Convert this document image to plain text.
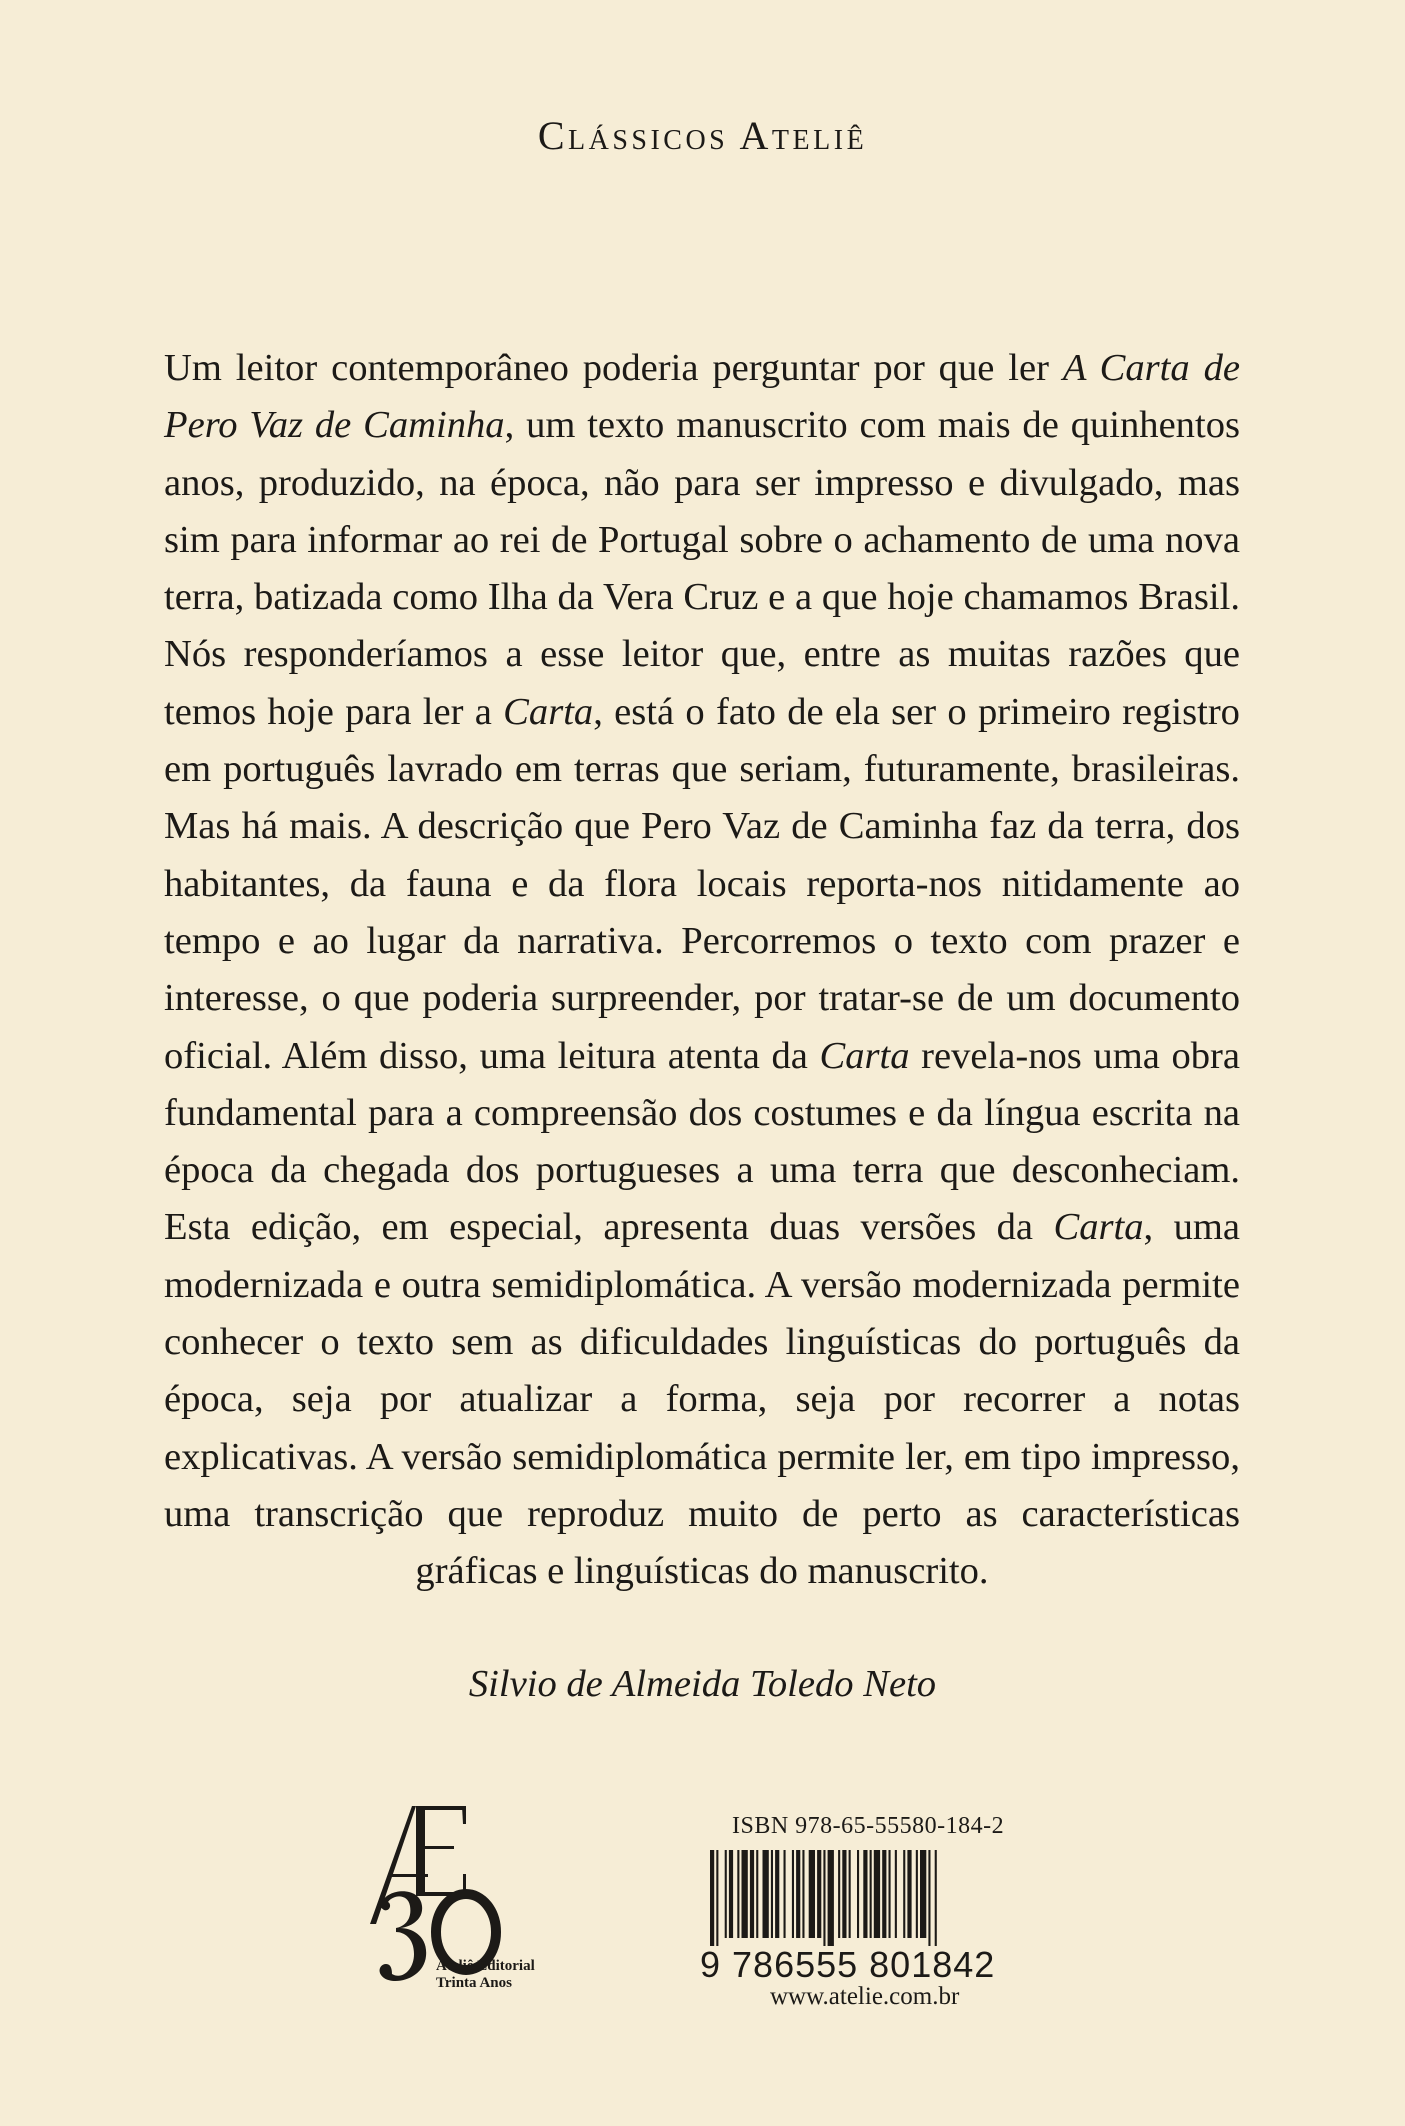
Clássicos Ateliê
Um leitor contemporâneo poderia perguntar por que ler A Carta de Pero Vaz de Caminha, um texto manuscrito com mais de quinhentos anos, produzido, na época, não para ser impresso e divulgado, mas sim para informar ao rei de Portugal sobre o achamento de uma nova terra, batizada como Ilha da Vera Cruz e a que hoje chamamos Brasil. Nós responderíamos a esse leitor que, entre as muitas razões que temos hoje para ler a Carta, está o fato de ela ser o primeiro registro em português lavrado em terras que seriam, futuramente, brasileiras. Mas há mais. A descrição que Pero Vaz de Caminha faz da terra, dos habitantes, da fauna e da flora locais reporta-nos nitidamente ao tempo e ao lugar da narrativa. Percorremos o texto com prazer e interesse, o que poderia surpreender, por tratar-se de um documento oficial. Além disso, uma leitura atenta da Carta revela-nos uma obra fundamental para a compreensão dos costumes e da língua escrita na época da chegada dos portugueses a uma terra que desconheciam. Esta edição, em especial, apresenta duas versões da Carta, uma modernizada e outra semidiplomática. A versão modernizada permite conhecer o texto sem as dificuldades linguísticas do português da época, seja por atualizar a forma, seja por recorrer a notas explicativas. A versão semidiplomática permite ler, em tipo impresso, uma transcrição que reproduz muito de perto as características gráficas e linguísticas do manuscrito.
Silvio de Almeida Toledo Neto
Ateliê Editorial
Trinta Anos
ISBN 978-65-55580-184-2
9 786555 801842
www.atelie.com.br
